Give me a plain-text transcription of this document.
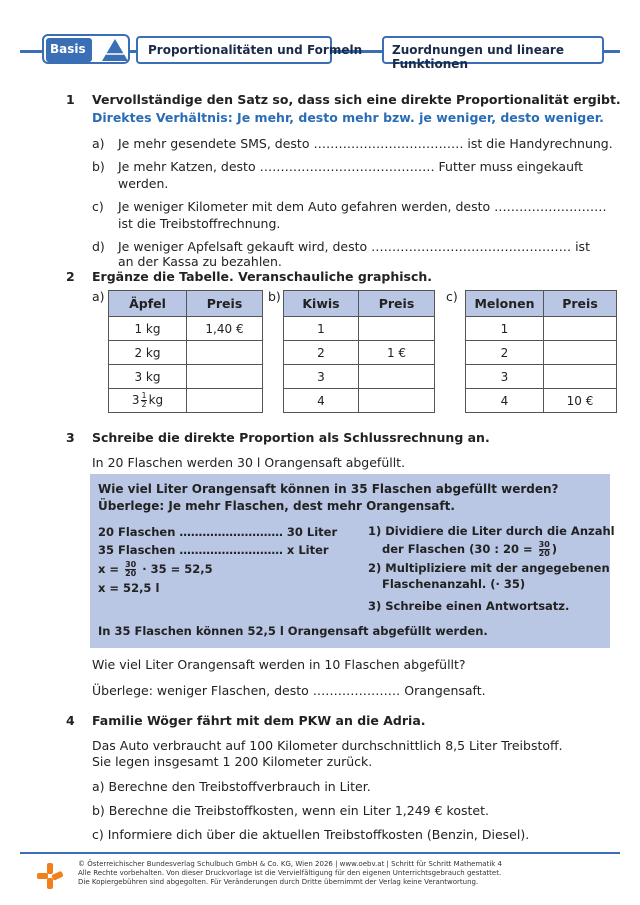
Basis	Proportionalitäten und Formeln Zuordnungen und lineare Funktionen
1 Vervollständige den Satz so, dass sich eine direkte Proportionalität ergibt.
Direktes Verhältnis: Je mehr, desto mehr bzw. je weniger, desto weniger.
a) Je mehr gesendete SMS, desto ……………………………… ist die Handyrechnung.
b) Je mehr Katzen, desto …………………………………… Futter muss eingekauft
werden.
c) Je weniger Kilometer mit dem Auto gefahren werden, desto ………………………
ist die Treibstoffrechnung.
d) Je weniger Apfelsaft gekauft wird, desto ………………………………………… ist
an der Kassa zu bezahlen.
2 Ergänze die Tabelle. Veranschauliche graphisch.
a) Äpfel	Preis
1 kg	1,40 €
2 kg	
3 kg	
$3 \frac{1}{2}$ kg	
b) Kiwis	Preis
1	
2	1 €
3	
4	
c) Melonen	Preis
1	
2	
3	
4	10 €
3 Schreibe die direkte Proportion als Schlussrechnung an.
In 20 Flaschen werden 30 l Orangensaft abgefüllt.
Wie viel Liter Orangensaft können in 35 Flaschen abgefüllt werden?
Überlege: Je mehr Flaschen, dest mehr Orangensaft.
20 Flaschen ……………………… 30 Liter
35 Flaschen ……………………… x Liter
$x = \frac{30}{20} \cdot 35 = 52,5$
x = 52,5 l
1) Dividiere die Liter durch die Anzahl
der Flaschen (30 : $20 = \frac{30}{20}$ )
2) Multipliziere mit der angegebenen
Flaschenanzahl. (· 35)
3) Schreibe einen Antwortsatz.
In 35 Flaschen können 52,5 l Orangensaft abgefüllt werden.
Wie viel Liter Orangensaft werden in 10 Flaschen abgefüllt?
Überlege: weniger Flaschen, desto ………………… Orangensaft.
4 Familie Wöger fährt mit dem PKW an die Adria.
Das Auto verbraucht auf 100 Kilometer durchschnittlich 8,5 Liter Treibstoff.
Sie legen insgesamt 1 200 Kilometer zurück.
a) Berechne den Treibstoffverbrauch in Liter.
b) Berechne die Treibstoffkosten, wenn ein Liter 1,249 € kostet.
c) Informiere dich über die aktuellen Treibstoffkosten (Benzin, Diesel).
© Österreichischer Bundesverlag Schulbuch GmbH & Co. KG, Wien 2026 | www.oebv.at | Schritt für Schritt Mathematik 4
Alle Rechte vorbehalten. Von dieser Druckvorlage ist die Vervielfältigung für den eigenen Unterrichtsgebrauch gestattet.
Die Kopiergebühren sind abgegolten. Für Veränderungen durch Dritte übernimmt der Verlag keine Verantwortung.
